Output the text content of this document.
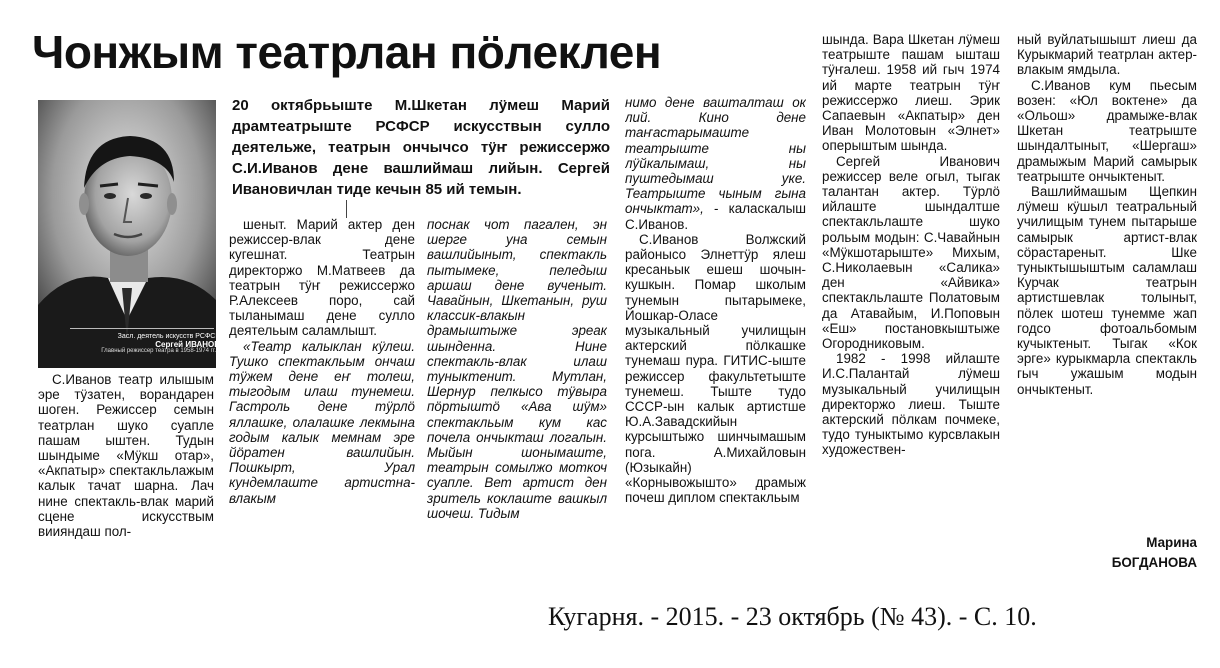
Чонжым театрлан пӧлеклен
Засл. деятель искусств РСФСР
Сергей ИВАНОВ
Главный режиссер театра в 1958-1974 гг.
20 октябрьыште М.Шкетан лӱмеш Марий драмтеатрыште РСФСР искусствын сулло деятельже, театрын ончычсо тӱҥ режиссержо С.И.Иванов дене вашлиймаш лийын. Сергей Ивановичлан тиде кечын 85 ий темын.

С.Иванов театр илышым эре тӱзатен, ворандарен шоген. Режиссер семын театрлан шуко суапле пашам ыштен. Тудын шындыме «Мӱкш отар», «Акпатыр» спектакльлажым калык тачат шарна. Лач нине спектакль-влак марий сцене искусствым виияндаш пол-

шеныт. Марий актер ден режиссер-влак дене кугешнат. Театрын директоржо М.Матвеев да театрын тӱҥ режиссержо Р.Алексеев поро, сай тыланымаш дене сулло деятельым саламлышт.

«Театр калыклан кӱлеш. Тушко спектакльым ончаш тӱжем дене еҥ толеш, тыгодым илаш тунемеш. Гастроль дене тӱрлӧ яллашке, олалашке лекмына годым калык мемнам эре йӧратен вашлийын. Пошкырт, Урал кундемлаште артистна-влакым

поснак чот пагален, эн шерге уна семын вашлийыныт, спектакль пытымеке, пеледыш аршаш дене вученыт. Чавайнын, Шкетанын, руш классик-влакын драмыштыже эреак шынденна. Нине спектакль-влак илаш туныктенит. Мутлан, Шернур пелкысо тӱвыра пӧртыштӧ «Ава шӱм» спектакльым кум кас почела ончыкташ логалын. Мыйын шонымаште, театрын сомылжо моткоч суапле. Вет артист ден зритель коклаште вашкыл шочеш. Тидым

нимо дене вашталташ ок лий. Кино дене таҥастарымаште театрыште ны лӱйкалымаш, ны пуштедымаш уке. Театрыште чыным гына ончыктат», - каласкалыш С.Иванов.

С.Иванов Волжский районысо Элнеттӱр ялеш кресаньык ешеш шочын-кушкын. Помар школым тунемын пытарымеке, Йошкар-Оласе музыкальный училищын актерский пӧлкашке тунемаш пура. ГИТИС-ыште режиссер факультетыште тунемеш. Тыште тудо СССР-ын калык артистше Ю.А.Завадскийын курсыштыжо шинчымашым пога. А.Михайловын (Юзыкайн) «Корнывожыштo» драмыж почеш диплом спектакльым

шында. Вара Шкетан лӱмеш театрыште пашам ышташ тӱҥалеш. 1958 ий гыч 1974 ий марте театрын тӱҥ режиссержо лиеш. Эрик Сапаевын «Акпатыр» ден Иван Молотовын «Элнет» оперыштым шында.

Сергей Иванович режиссер веле огыл, тыгак талантан актер. Тӱрлӧ ийлаште шындалтше спектакльлаште шуко рольым модын: С.Чавайнын «Мӱкшотарыште» Михым, С.Николаевын «Салика» ден «Айвика» спектакльлаште Полатовым да Атавайым, И.Поповын «Еш» постановкыштыже Огородниковым.

1982 - 1998 ийлаште И.С.Палантай лӱмеш музыкальный училищын директоржо лиеш. Тыште актерский пӧлкам почмеке, тудо туныктымо курсвлакын художествен-

ный вуйлатышышт лиеш да Курыкмарий театрлан актер-влакым ямдыла.

С.Иванов кум пьесым возен: «Юл воктене» да «Ольош» драмыже-влак Шкетан театрыште шындалтыныт, «Шергаш» драмыжым Марий самырык театрыште ончыктеныт.

Вашлиймашым Щепкин лӱмеш кӱшыл театральный училищым тунем пытарыше самырык артист-влак сӧрастареныт. Шке туныктышыштым саламлаш Курчак театрын артистшевлак толыныт, пӧлек шотеш тунемме жап годсо фотоальбомым кучыктеныт. Тыгак «Кок эрге» курыкмарла спектакль гыч ужашым модын ончыктеныт.

Марина
БОГДАНОВА
Кугарня. - 2015. - 23 октябрь (№ 43). - С. 10.
